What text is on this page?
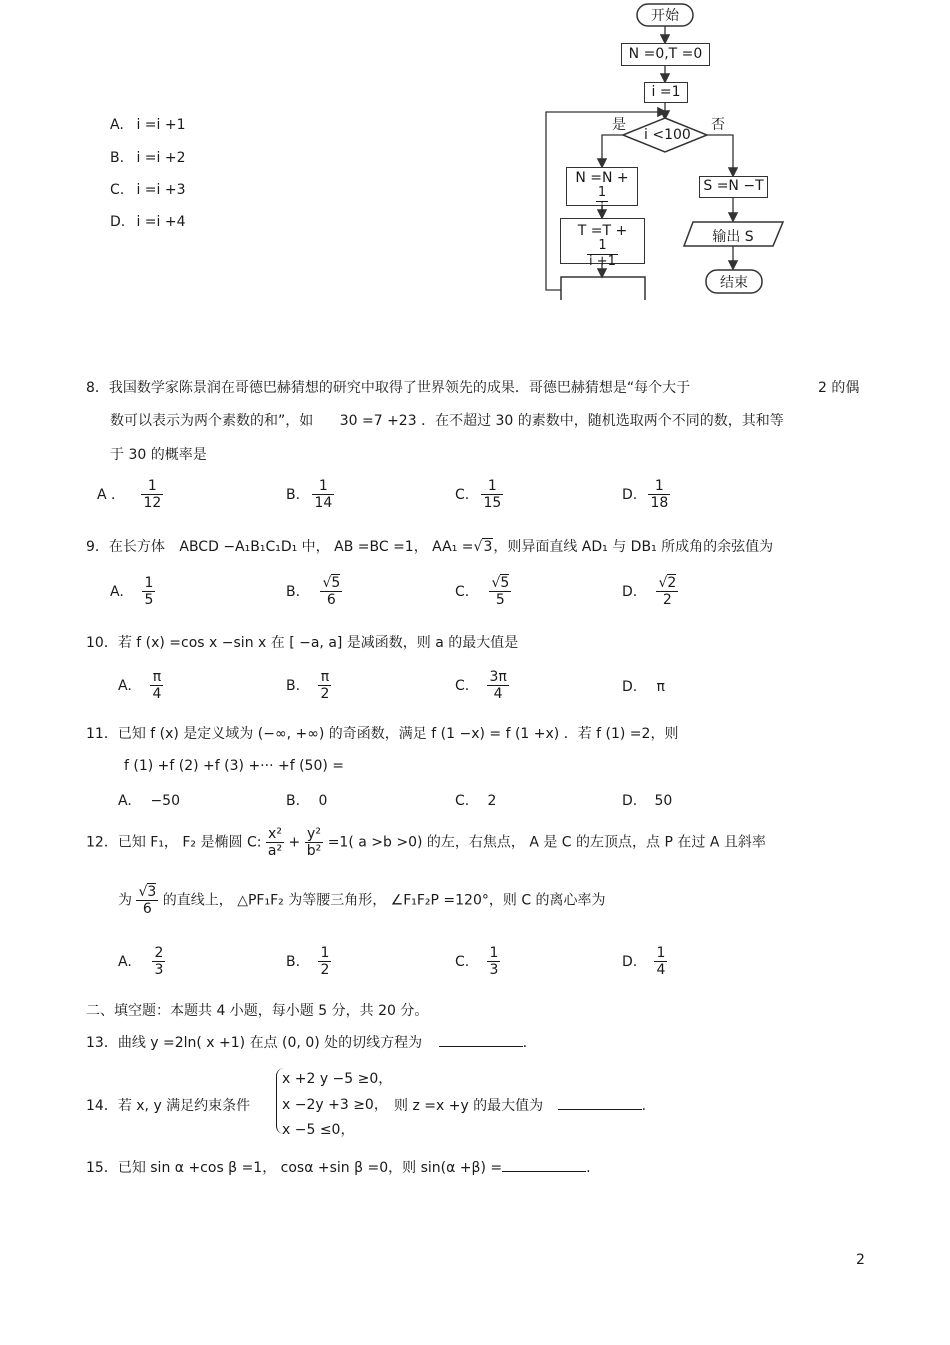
A. i =i +1
B. i =i +2
C. i =i +3
D. i =i +4
开始
N =0,T =0
i =1
是	否
i <100
N =N +
$\frac{1}{i}$
T =T +
$\frac{1}{i +1}$
S =N −T
输出 S
结束
8．我国数学家陈景润在哥德巴赫猜想的研究中取得了世界领先的成果．哥德巴赫猜想是“每个大于	2 的偶
数可以表示为两个素数的和”，如 30 =7 +23 ．在不超过 30 的素数中，随机选取两个不同的数，其和等
于 30 的概率是
A ． $\frac{1}{12}$	B. $\frac{1}{14}$	C. $\frac{1}{15}$	D. $\frac{1}{18}$
9．在长方体 ABCD −A₁B₁C₁D₁ 中， AB =BC =1， AA₁ =√3，则异面直线 AD₁ 与 DB₁ 所成角的余弦值为
A. $\frac{1}{5}$	B. $\frac{√5}{6}$	C. $\frac{√5}{5}$	D. $\frac{√2}{2}$
10．若 f (x) =cos x −sin x 在 [ −a, a] 是减函数，则 a 的最大值是
A. $\frac{\pi}{4}$	B. $\frac{\pi}{2}$	C. $\frac{3\pi}{4}$	D. π
11．已知 f (x) 是定义域为 (−∞, +∞) 的奇函数，满足 f (1 −x) = f (1 +x) ．若 f (1) =2，则
f (1) +f (2) +f (3) +··· +f (50) =
A. −50	B. 0	C. 2	D. 50
12．已知 F₁， F₂ 是椭圆 C: $\frac{\text{x²}}{\text{a²}} + \frac{\text{y²}}{\text{b²}} =1$( a >b >0) 的左，右焦点， A 是 C 的左顶点，点 P 在过 A 且斜率
为 $\frac{√3}{6}$ 的直线上， △PF₁F₂ 为等腰三角形， ∠F₁F₂P =120°，则 C 的离心率为
A. $\frac{2}{3}$	B. $\frac{1}{2}$	C. $\frac{1}{3}$	D. $\frac{1}{4}$
二、填空题：本题共 4 小题，每小题 5 分，共 20 分。
13．曲线 y =2ln( x +1) 在点 (0, 0) 处的切线方程为	.
14．若 x, y 满足约束条件
x +2 y −5 ≥0，
x −2y +3 ≥0，
x −5 ≤0，
则 z =x +y 的最大值为	.
15．已知 sin α +cos β =1， cosα +sin β =0，则 sin(α +β) =	.
2
